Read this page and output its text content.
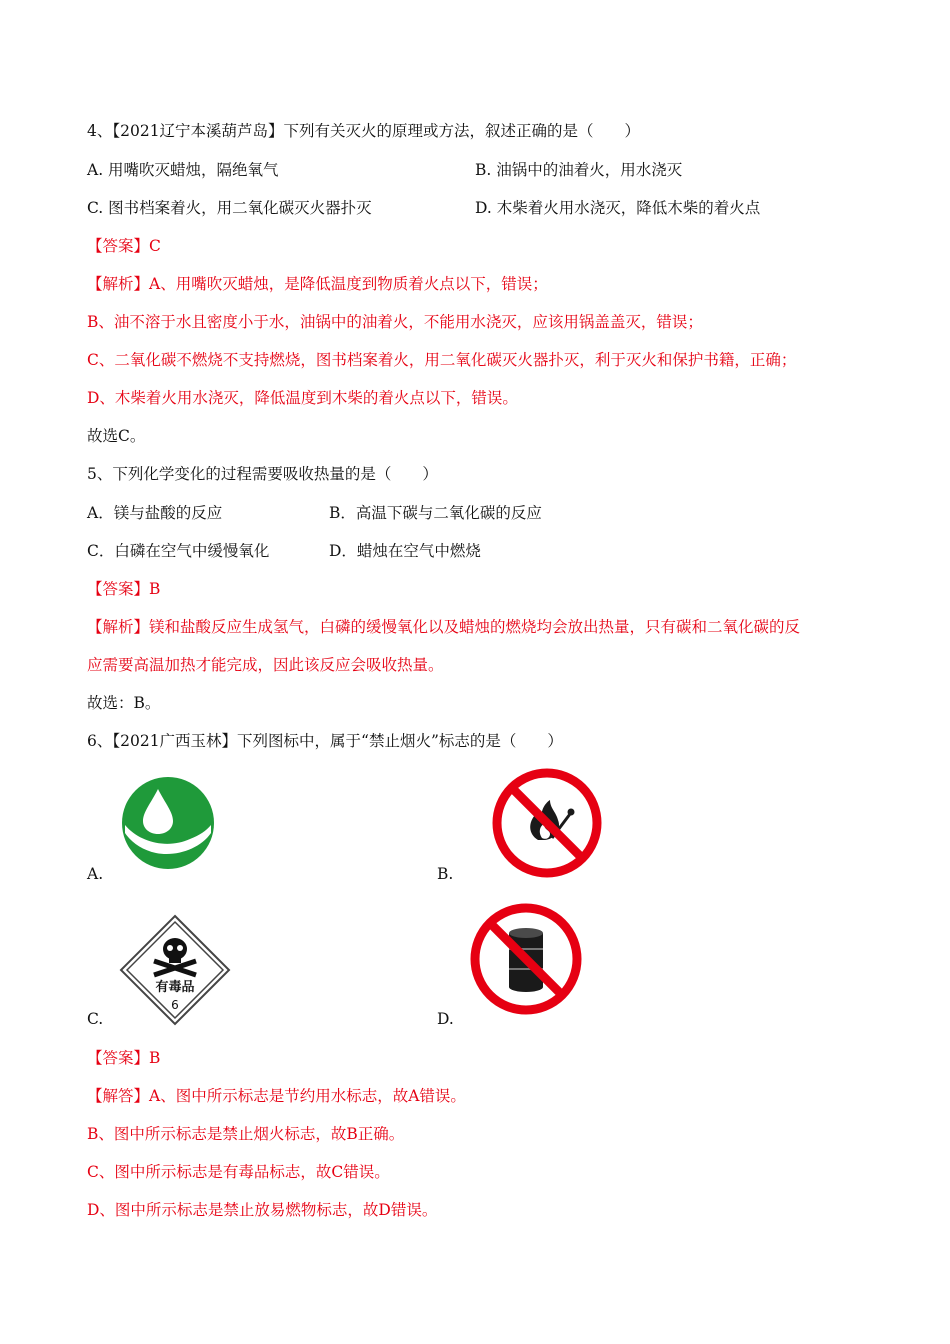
4、【2021辽宁本溪葫芦岛】下列有关灭火的原理或方法，叙述正确的是（　　）
A. 用嘴吹灭蜡烛，隔绝氧气	B. 油锅中的油着火，用水浇灭
C. 图书档案着火，用二氧化碳灭火器扑灭	D. 木柴着火用水浇灭，降低木柴的着火点
【答案】C
【解析】A、用嘴吹灭蜡烛，是降低温度到物质着火点以下，错误；
B、油不溶于水且密度小于水，油锅中的油着火，不能用水浇灭，应该用锅盖盖灭，错误；
C、二氧化碳不燃烧不支持燃烧，图书档案着火，用二氧化碳灭火器扑灭，利于灭火和保护书籍，正确；
D、木柴着火用水浇灭，降低温度到木柴的着火点以下，错误。
故选C。
5、下列化学变化的过程需要吸收热量的是（　　）
A．镁与盐酸的反应	B．高温下碳与二氧化碳的反应
C．白磷在空气中缓慢氧化	D．蜡烛在空气中燃烧
【答案】B
【解析】镁和盐酸反应生成氢气，白磷的缓慢氧化以及蜡烛的燃烧均会放出热量，只有碳和二氧化碳的反
应需要高温加热才能完成，因此该反应会吸收热量。
故选：B。
6、【2021广西玉林】下列图标中，属于“禁止烟火”标志的是（　　）
A.	B.
有毒品
6
C.	D.
【答案】B
【解答】A、图中所示标志是节约用水标志，故A错误。
B、图中所示标志是禁止烟火标志，故B正确。
C、图中所示标志是有毒品标志，故C错误。
D、图中所示标志是禁止放易燃物标志，故D错误。
